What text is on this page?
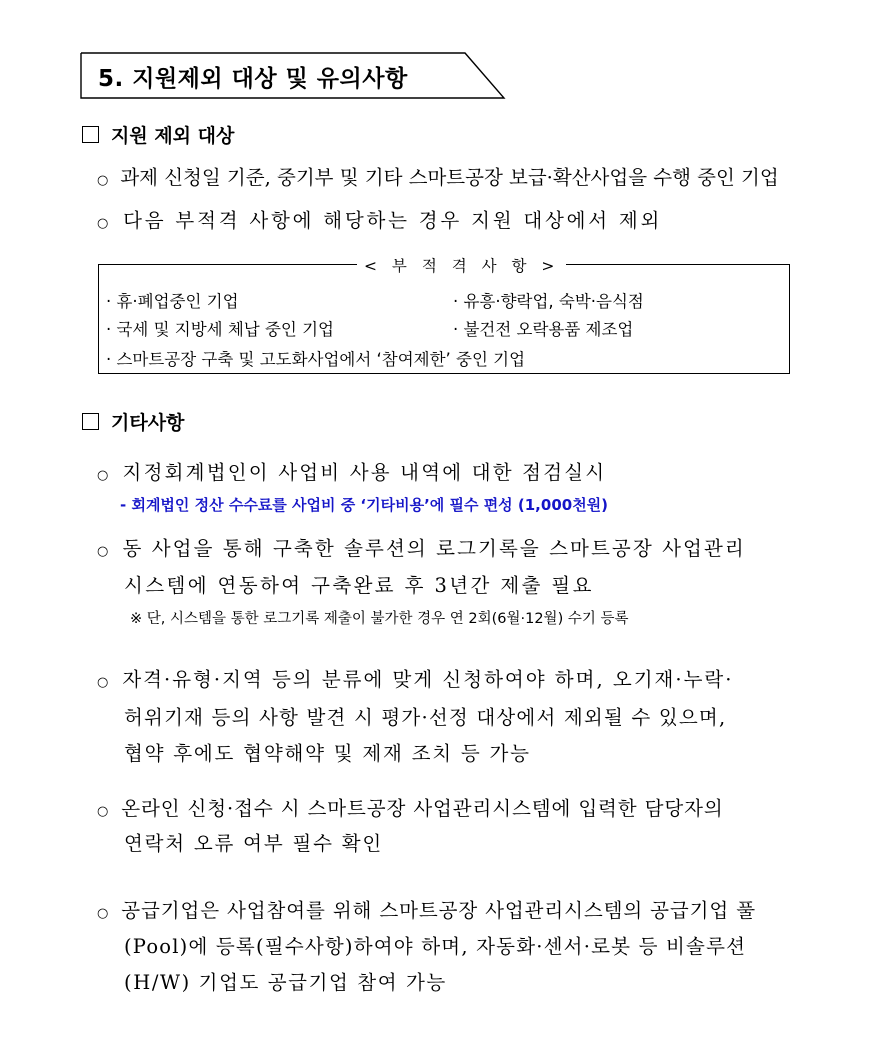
5. 지원제외 대상 및 유의사항
지원 제외 대상
○ 과제 신청일 기준, 중기부 및 기타 스마트공장 보급·확산사업을 수행 중인 기업
○ 다음 부적격 사항에 해당하는 경우 지원 대상에서 제외
< 부 적 격 사 항 >
· 휴·폐업중인 기업	· 유흥·향락업, 숙박·음식점
· 국세 및 지방세 체납 중인 기업	· 불건전 오락용품 제조업
· 스마트공장 구축 및 고도화사업에서 ‘참여제한’ 중인 기업
기타사항
○ 지정회계법인이 사업비 사용 내역에 대한 점검실시
- 회계법인 정산 수수료를 사업비 중 ‘기타비용’에 필수 편성 (1,000천원)
○ 동 사업을 통해 구축한 솔루션의 로그기록을 스마트공장 사업관리
시스템에 연동하여 구축완료 후 3년간 제출 필요
※ 단, 시스템을 통한 로그기록 제출이 불가한 경우 연 2회(6월·12월) 수기 등록
○ 자격·유형·지역 등의 분류에 맞게 신청하여야 하며, 오기재·누락·
허위기재 등의 사항 발견 시 평가·선정 대상에서 제외될 수 있으며,
협약 후에도 협약해약 및 제재 조치 등 가능
○ 온라인 신청·접수 시 스마트공장 사업관리시스템에 입력한 담당자의
연락처 오류 여부 필수 확인
○ 공급기업은 사업참여를 위해 스마트공장 사업관리시스템의 공급기업 풀
(Pool)에 등록(필수사항)하여야 하며, 자동화·센서·로봇 등 비솔루션
(H/W) 기업도 공급기업 참여 가능
